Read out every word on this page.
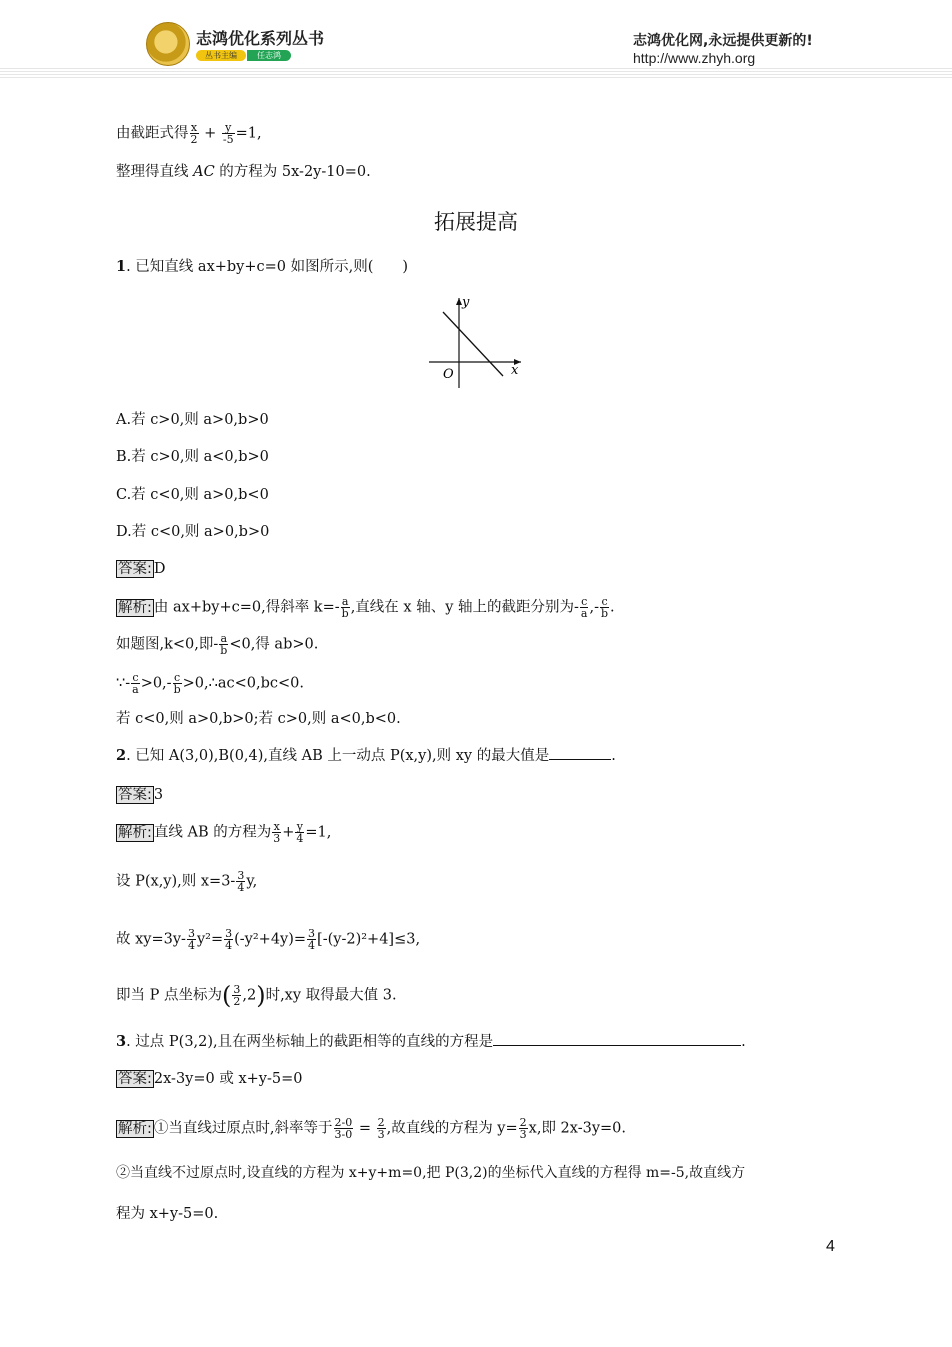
志鸿优化系列丛书
丛书主编	任志鸿
志鸿优化网,永远提供更新的!
http://www.zhyh.org
由截距式得 $\frac{x}{2} + \frac{y}{-5} =1$,
整理得直线 AC 的方程为 5x-2y-10=0.
拓展提高
1. 已知直线 ax+by+c=0 如图所示,则(　　)
y
x
O
A.若 c>0,则 a>0,b>0
B.若 c>0,则 a<0,b>0
C.若 c<0,则 a>0,b<0
D.若 c<0,则 a>0,b>0
答案: D
解析: 由 ax+by+c=0,得斜率 $k=- \frac{a}{b}$ ,直线在 x 轴、y 轴上的截距分别为- $\frac{c}{a}$ ,- $\frac{c}{b}$ .
如题图,k<0,即- $\frac{a}{b} <0$,得 ab>0.
∵- $\frac{c}{a} >0,- \frac{c}{b}$ >0,∴ac<0,bc<0.
若 c<0,则 a>0,b>0;若 c>0,则 a<0,b<0.
2. 已知 A(3,0),B(0,4),直线 AB 上一动点 P(x,y),则 xy 的最大值是	.
答案: 3
解析: 直线 AB 的方程为 $\frac{x}{3} + \frac{y}{4} =1$,
设 P(x,y),则 $x=3- \frac{3}{4} y$,
故 $xy=3y- \frac{3}{4} y^2= \frac{3}{4} (-y^2+4y)= \frac{3}{4} [-(y-2)^2+4]\le 3$,
即当 P 点坐标为( $\frac{3}{2} ,2$)时,xy 取得最大值 3.
3. 过点 P(3,2),且在两坐标轴上的截距相等的直线的方程是	.
答案: 2x-3y=0 或 x+y-5=0
解析: ①当直线过原点时,斜率等于 $\frac{2-0}{3-0} = \frac{2}{3}$ ,故直线的方程为 $y= \frac{2}{3} x$,即 2x-3y=0.
②当直线不过原点时,设直线的方程为 x+y+m=0,把 P(3,2)的坐标代入直线的方程得 m=-5,故直线方
程为 x+y-5=0.
4
